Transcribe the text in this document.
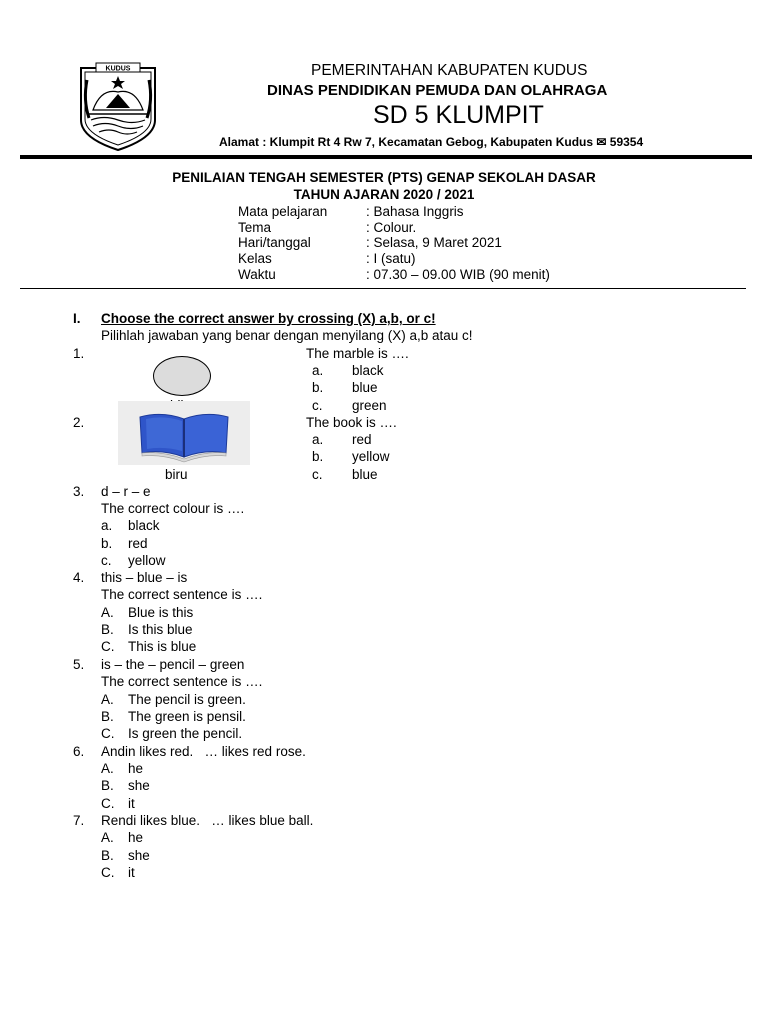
KUDUS	PEMERINTAHAN KABUPATEN KUDUS
DINAS PENDIDIKAN PEMUDA DAN OLAHRAGA
SD 5 KLUMPIT
Alamat : Klumpit Rt 4 Rw 7, Kecamatan Gebog, Kabupaten Kudus ✉ 59354
PENILAIAN TENGAH SEMESTER (PTS) GENAP SEKOLAH DASAR
TAHUN AJARAN 2020 / 2021
Mata pelajaran	: Bahasa Inggris
Tema	: Colour.
Hari/tanggal	: Selasa, 9 Maret 2021
Kelas	: I (satu)
Waktu	: 07.30 – 09.00 WIB (90 menit)
I. Choose the correct answer by crossing (X) a,b, or c!
Pilihlah jawaban yang benar dengan menyilang (X) a,b atau c!
1.	The marble is ….
a. black
b. blue
c. green
2.
biru
The book is ….
a. red
b. yellow
c. blue
3. d – r – e
The correct colour is ….
a. black
b. red
c. yellow
4. this – blue – is
The correct sentence is ….
A. Blue is this
B. Is this blue
C. This is blue
5. is – the – pencil – green
The correct sentence is ….
A. The pencil is green.
B. The green is pensil.
C. Is green the pencil.
6. Andin likes red.   … likes red rose.
A. he
B. she
C. it
7. Rendi likes blue.   … likes blue ball.
A. he
B. she
C. it
